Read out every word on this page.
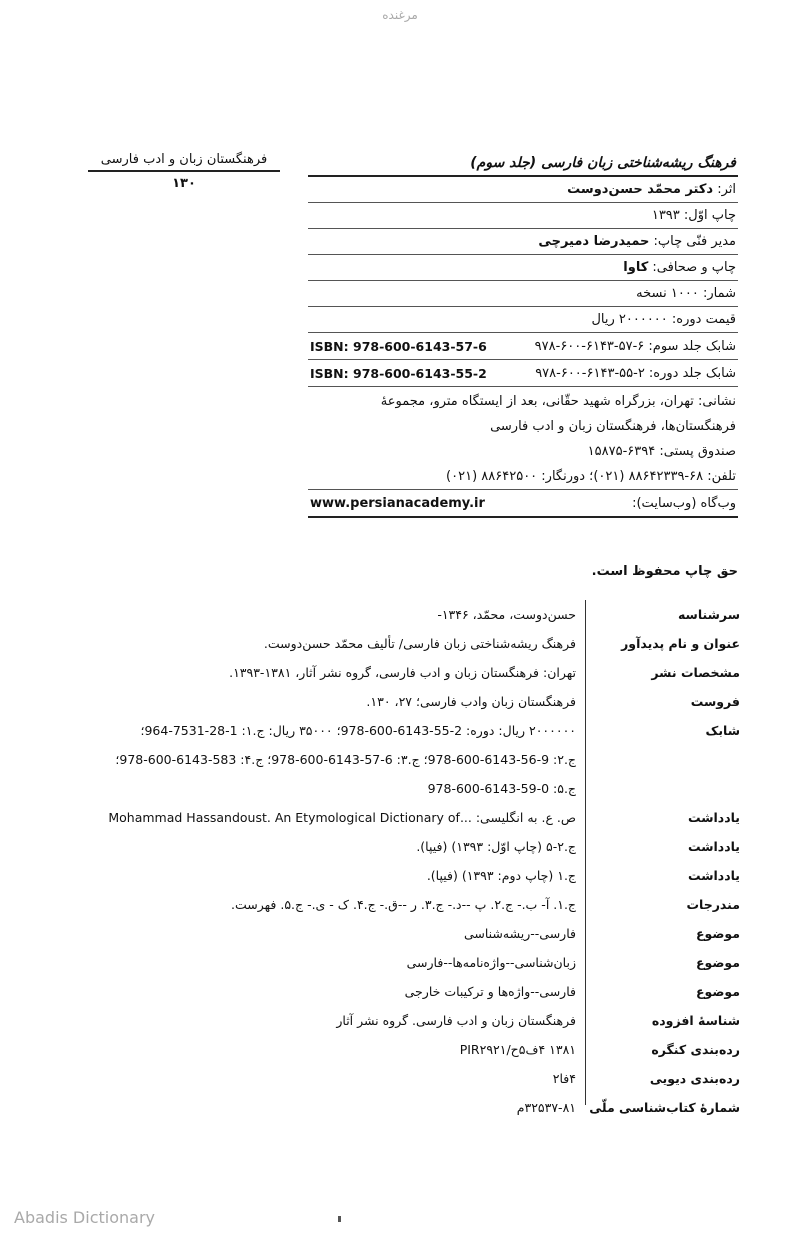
مرغنده
فرهنگستان زبان و ادب فارسی
۱۳۰
فرهنگ ریشه‌شناختی زبان فارسی (جلد سوم)
اثر: دکتر محمّد حسن‌دوست
چاپ اوّل: ۱۳۹۳
مدیر فنّی چاپ: حمیدرضا دمیرچی
چاپ و صحافی: کاوا
شمار: ۱۰۰۰ نسخه
قیمت دوره: ۲۰۰۰۰۰۰ ریال
شابک جلد سوم: ۶-۵۷-۶۱۴۳-۶۰۰-۹۷۸
ISBN: 978-600-6143-57-6
شابک جلد دوره: ۲-۵۵-۶۱۴۳-۶۰۰-۹۷۸
ISBN: 978-600-6143-55-2
نشانی: تهران، بزرگراه شهید حقّانی، بعد از ایستگاه مترو، مجموعهٔ
فرهنگستان‌ها، فرهنگستان زبان و ادب فارسی
صندوق پستی: ۶۳۹۴-۱۵۸۷۵
تلفن: ۶۸-۸۸۶۴۲۳۳۹ (۰۲۱)؛ دورنگار: ۸۸۶۴۲۵۰۰ (۰۲۱)
وب‌گاه (وب‌سایت):
www.persianacademy.ir
حق چاپ محفوظ است.
سرشناسه
حسن‌دوست، محمّد، ۱۳۴۶-
عنوان و نام پدیدآور
فرهنگ ریشه‌شناختی زبان فارسی/ تألیف محمّد حسن‌دوست.
مشخصات نشر
تهران: فرهنگستان زبان و ادب فارسی، گروه نشر آثار، ۱۳۸۱-۱۳۹۳.
فروست
فرهنگستان زبان وادب فارسی؛ ۲۷، ۱۳۰.
شابک
۲۰۰۰۰۰۰ ریال: دوره: 2-55-6143-600-978؛ ۳۵۰۰۰ ریال: ج.۱: 1-28-7531-964؛
ج.۲: 9-56-6143-600-978؛ ج.۳: 6-57-6143-600-978؛ ج.۴: 583-6143-600-978؛
ج.۵: 0-59-6143-600-978
یادداشت
ص. ع. به انگلیسی: ...Mohammad Hassandoust. An Etymological Dictionary of
یادداشت
ج.۲-۵ (چاپ اوّل: ۱۳۹۳) (فیپا).
یادداشت
ج.۱ (چاپ دوم: ۱۳۹۳) (فیپا).
مندرجات
ج.۱. آ- ب.- ج.۲. پ --د.- ج.۳. ر --ق.- ج.۴. ک - ی.- ج.۵. فهرست.
موضوع
فارسی--ریشه‌شناسی
موضوع
زبان‌شناسی--واژه‌نامه‌ها--فارسی
موضوع
فارسی--واژه‌ها و ترکیبات خارجی
شناسهٔ افزوده
فرهنگستان زبان و ادب فارسی. گروه نشر آثار
رده‌بندی کنگره
۱۳۸۱ ۴ف۵ح/PIR۲۹۲۱
رده‌بندی دیویی
۴فا۲
شمارهٔ کتاب‌شناسی ملّی
۳۲۵۳۷-۸۱م
Abadis Dictionary
